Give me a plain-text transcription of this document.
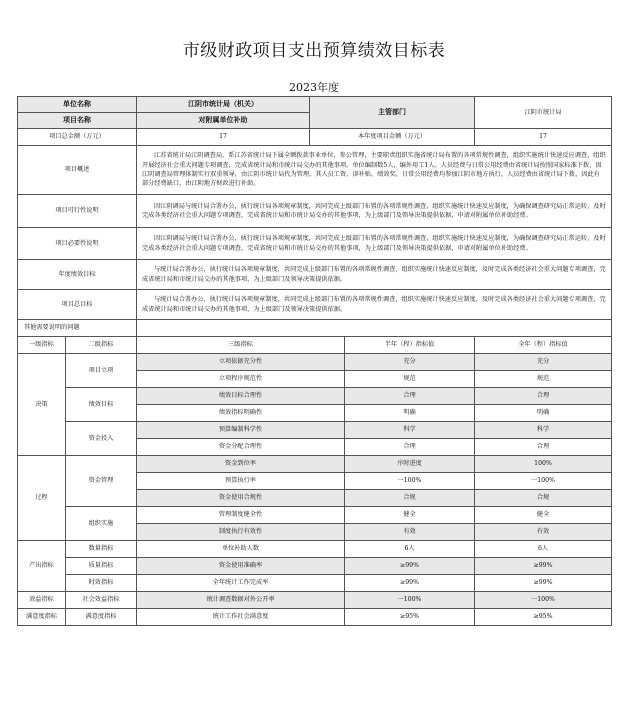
市级财政项目支出预算绩效目标表
2023年度
单位名称		江阴市统计局（机关）	主管部门		江阴市统计局
项目名称		对附属单位补助			
项目总金额（万元）		17	本年度项目金额（万元）		17
项目概述		江苏省统计局江阴调查局，系江苏省统计局下属全额拨款事业单位，参公管理，主要职责组织实施省统计局布置的各项常规性调查，组织实施统计快速反应调查，组织开展经济社会重大问题专项调查，完成省统计局和市统计局交办的其他事项。单位编制数5人，编外用工1人。人员经费与日常公用经费由省统计局按照国家标准下拨，因江阴调查局管理体制实行双重领导，由江阴市统计局代为管理，其人员工资、津补贴、绩效奖、日常公用经费均参加江阴市地方执行，人员经费由省统计局下拨，因此有部分经费缺口，由江阴地方财政进行补助。			
项目可行性说明		因江阴调局与统计局合署办公，执行统计局各项规章制度，共同完成上级部门布置的各项常规性调查，组织实施统计快速反应制度，为确保调查研究局正常运转，及时完成各类经济社会重大问题专项调查，完成省统计局和市统计局交办的其他事项，为上级部门及领导决策提供依据，申请对附属单位补助经费。			
项目必要性说明		因江阴调局与统计局合署办公，执行统计局各项规章制度，共同完成上级部门布置的各项常规性调查，组织实施统计快速反应制度，为确保调查研究局正常运转，及时完成各类经济社会重大问题专项调查，完成省统计局和市统计局交办的其他事项，为上级部门及领导决策提供依据，申请对附属单位补助经费。			
年度绩效目标		与统计局合署办公，执行统计局各项规章制度，共同完成上级部门布置的各项常规性调查，组织实施统计快速反应制度，及时完成各类经济社会重大问题专项调查，完成省统计局和市统计局交办的其他事项，为上级部门及领导决策提供依据。			
项目总目标		与统计局合署办公，执行统计局各项规章制度，共同完成上级部门布置的各项常规性调查，组织实施统计快速反应制度，及时完成各类经济社会重大问题专项调查，完成省统计局和市统计局交办的其他事项，为上级部门及领导决策提供依据。			
其他需要说明的问题					
一级指标	二级指标	三级指标		半年（程）指标值	全年（程）指标值
决策	项目立项	立项依据充分性		充分	充分
		立项程序规范性		规范	规范
	绩效目标	绩效目标合理性		合理	合理
		绩效指标明确性		明确	明确
	资金投入	预算编制科学性		科学	科学
		资金分配合理性		合理	合理
过程	资金管理	资金到位率		序时进度	100%
		预算执行率		一100%	一100%
		资金使用合规性		合规	合规
	组织实施	管理制度健全性		健全	健全
		制度执行有效性		有效	有效
产出指标	数量指标	单位补助人数		6人	6人
	质量指标	资金使用准确率		≥99%	≥99%
	时效指标	全年统计工作完成率		≥99%	≥99%
效益指标	社会效益指标	统计调查数据对外公开率		一100%	一100%
满意度指标	满意度指标	统计工作社会满意度		≥95%	≥95%
